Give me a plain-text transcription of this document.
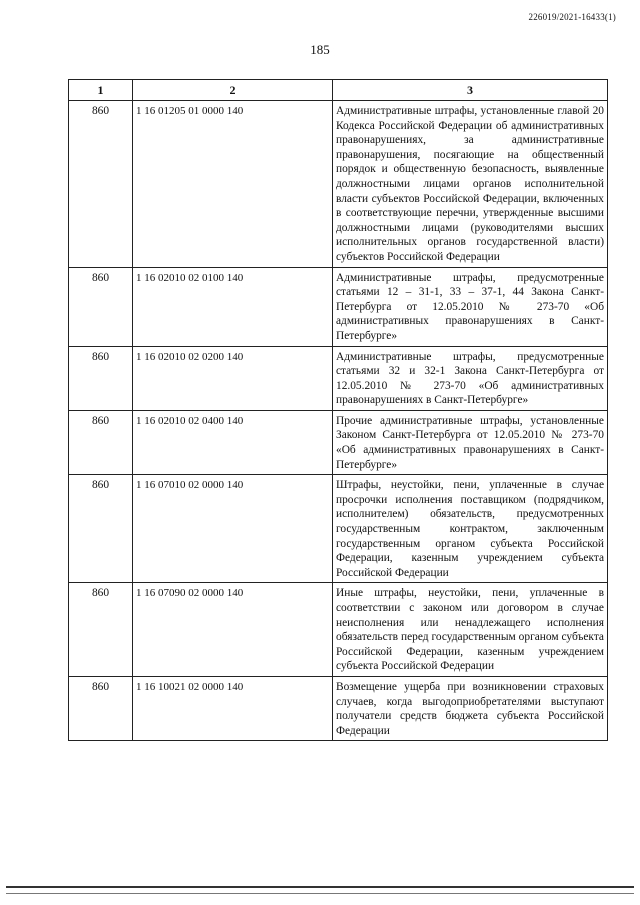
226019/2021-16433(1)
185
1	2	3
860	1 16 01205 01 0000 140	Административные штрафы, установленные главой 20 Кодекса Российской Федерации об административных правонарушениях, за административные правонарушения, посягающие на общественный порядок и общественную безопасность, выявленные должностными лицами органов исполнительной власти субъектов Российской Федерации, включенных в соответствующие перечни, утвержденные высшими должностными лицами (руководителями высших исполнительных органов государственной власти) субъектов Российской Федерации
860	1 16 02010 02 0100 140	Административные штрафы, предусмотренные статьями 12 – 31-1, 33 – 37-1, 44 Закона Санкт-Петербурга от 12.05.2010 № 273-70 «Об административных правонарушениях в Санкт-Петербурге»
860	1 16 02010 02 0200 140	Административные штрафы, предусмотренные статьями 32 и 32-1 Закона Санкт-Петербурга от 12.05.2010 № 273-70 «Об административных правонарушениях в Санкт-Петербурге»
860	1 16 02010 02 0400 140	Прочие административные штрафы, установленные Законом Санкт-Петербурга от 12.05.2010 № 273-70 «Об административных правонарушениях в Санкт-Петербурге»
860	1 16 07010 02 0000 140	Штрафы, неустойки, пени, уплаченные в случае просрочки исполнения поставщиком (подрядчиком, исполнителем) обязательств, предусмотренных государственным контрактом, заключенным государственным органом субъекта Российской Федерации, казенным учреждением субъекта Российской Федерации
860	1 16 07090 02 0000 140	Иные штрафы, неустойки, пени, уплаченные в соответствии с законом или договором в случае неисполнения или ненадлежащего исполнения обязательств перед государственным органом субъекта Российской Федерации, казенным учреждением субъекта Российской Федерации
860	1 16 10021 02 0000 140	Возмещение ущерба при возникновении страховых случаев, когда выгодоприобретателями выступают получатели средств бюджета субъекта Российской Федерации
